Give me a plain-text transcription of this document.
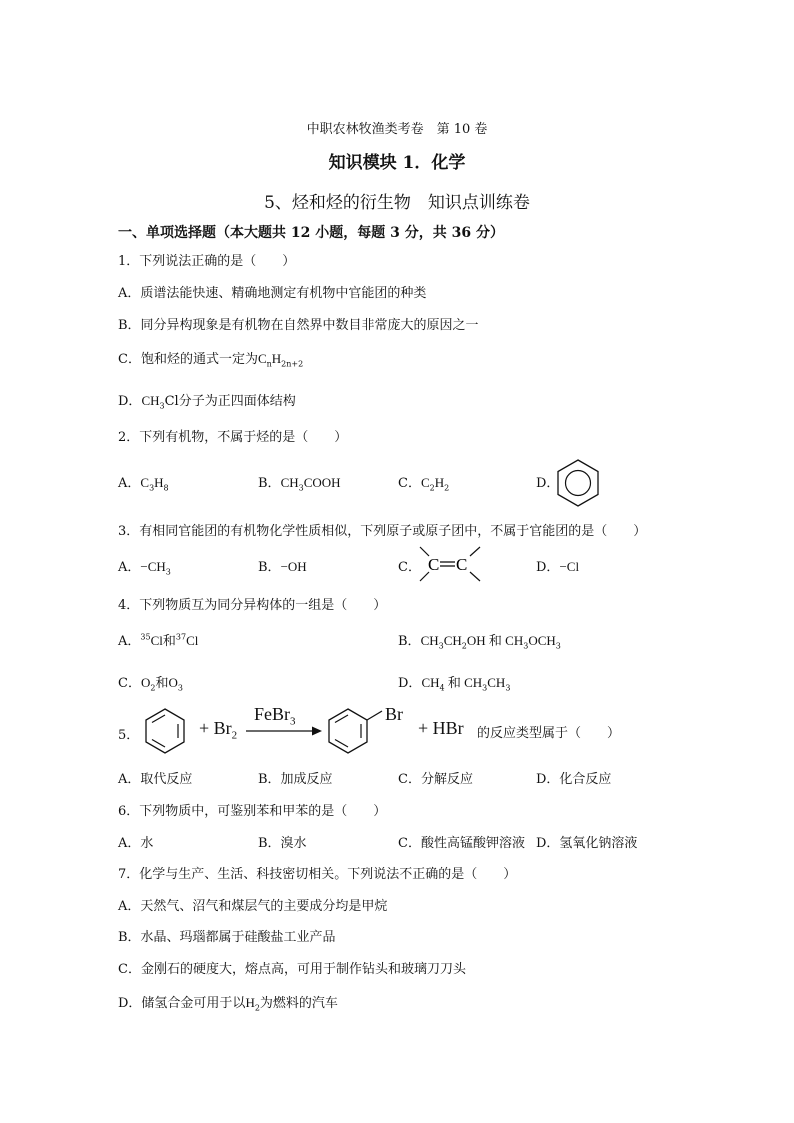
中职农林牧渔类考卷　第 10 卷
知识模块 1．化学
5、烃和烃的衍生物　知识点训练卷
一、单项选择题（本大题共 12 小题，每题 3 分，共 36 分）
1．下列说法正确的是（　　）
A．质谱法能快速、精确地测定有机物中官能团的种类
B．同分异构现象是有机物在自然界中数目非常庞大的原因之一
C．饱和烃的通式一定为$C_nH_{2n+2}$
D．$CH_3Cl$分子为正四面体结构
2．下列有机物，不属于烃的是（　　）
A．$C_3H_8$	B．$CH_3COOH$	C．$C_2H_2$	D．
3．有相同官能团的有机物化学性质相似，下列原子或原子团中，不属于官能团的是（　　）
A．$-CH_3$	B．−OH	C． C C	D．−Cl
4．下列物质互为同分异构体的一组是（　　）
A．$^{35}$Cl和$^{37}$Cl	B．$CH_3CH_2OH$ 和 $CH_3OCH_3$
C．$O_2$和$O_3$	D．$CH_4$ 和 $CH_3CH_3$
5．	+ $Br_2$
FeBr$_3$	Br
+ HBr 的反应类型属于（　　）
A．取代反应	B．加成反应	C．分解反应	D．化合反应
6．下列物质中，可鉴别苯和甲苯的是（　　）
A．水	B．溴水	C．酸性高锰酸钾溶液 D．氢氧化钠溶液
7．化学与生产、生活、科技密切相关。下列说法不正确的是（　　）
A．天然气、沼气和煤层气的主要成分均是甲烷
B．水晶、玛瑙都属于硅酸盐工业产品
C．金刚石的硬度大，熔点高，可用于制作钻头和玻璃刀刀头
D．储氢合金可用于以$H_2$为燃料的汽车
